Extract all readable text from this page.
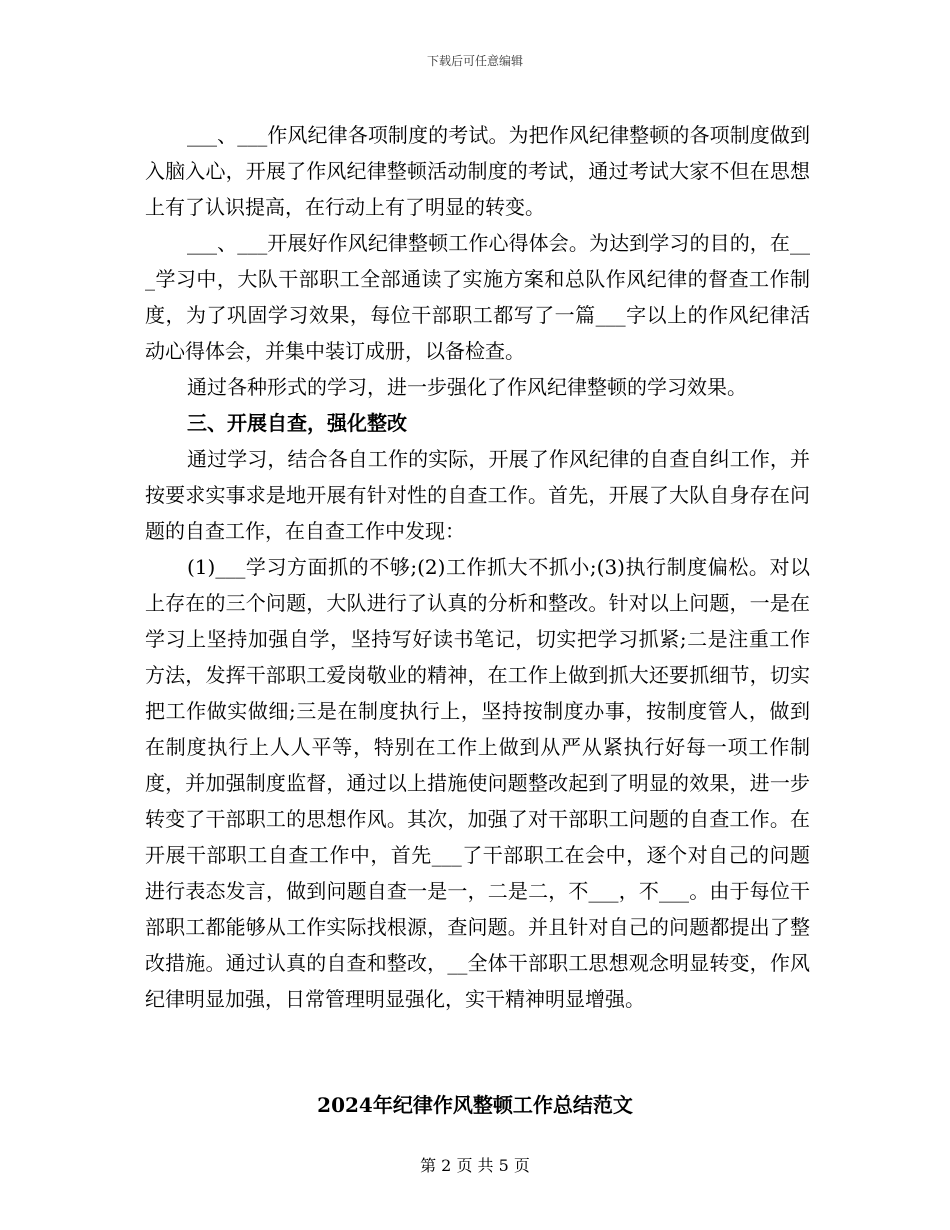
下载后可任意编辑

___、___作风纪律各项制度的考试。为把作风纪律整顿的各项制度做到入脑入心，开展了作风纪律整顿活动制度的考试，通过考试大家不但在思想上有了认识提高，在行动上有了明显的转变。

___、___开展好作风纪律整顿工作心得体会。为达到学习的目的，在___学习中，大队干部职工全部通读了实施方案和总队作风纪律的督查工作制度，为了巩固学习效果，每位干部职工都写了一篇___字以上的作风纪律活动心得体会，并集中装订成册，以备检查。

通过各种形式的学习，进一步强化了作风纪律整顿的学习效果。

三、开展自查，强化整改

通过学习，结合各自工作的实际，开展了作风纪律的自查自纠工作，并按要求实事求是地开展有针对性的自查工作。首先，开展了大队自身存在问题的自查工作，在自查工作中发现：

(1)___学习方面抓的不够;(2)工作抓大不抓小;(3)执行制度偏松。对以上存在的三个问题，大队进行了认真的分析和整改。针对以上问题，一是在学习上坚持加强自学，坚持写好读书笔记，切实把学习抓紧;二是注重工作方法，发挥干部职工爱岗敬业的精神，在工作上做到抓大还要抓细节，切实把工作做实做细;三是在制度执行上，坚持按制度办事，按制度管人，做到在制度执行上人人平等，特别在工作上做到从严从紧执行好每一项工作制度，并加强制度监督，通过以上措施使问题整改起到了明显的效果，进一步转变了干部职工的思想作风。其次，加强了对干部职工问题的自查工作。在开展干部职工自查工作中，首先___了干部职工在会中，逐个对自己的问题进行表态发言，做到问题自查一是一，二是二，不___，不___。由于每位干部职工都能够从工作实际找根源，查问题。并且针对自己的问题都提出了整改措施。通过认真的自查和整改，__全体干部职工思想观念明显转变，作风纪律明显加强，日常管理明显强化，实干精神明显增强。

2024年纪律作风整顿工作总结范文
第 2 页 共 5 页
